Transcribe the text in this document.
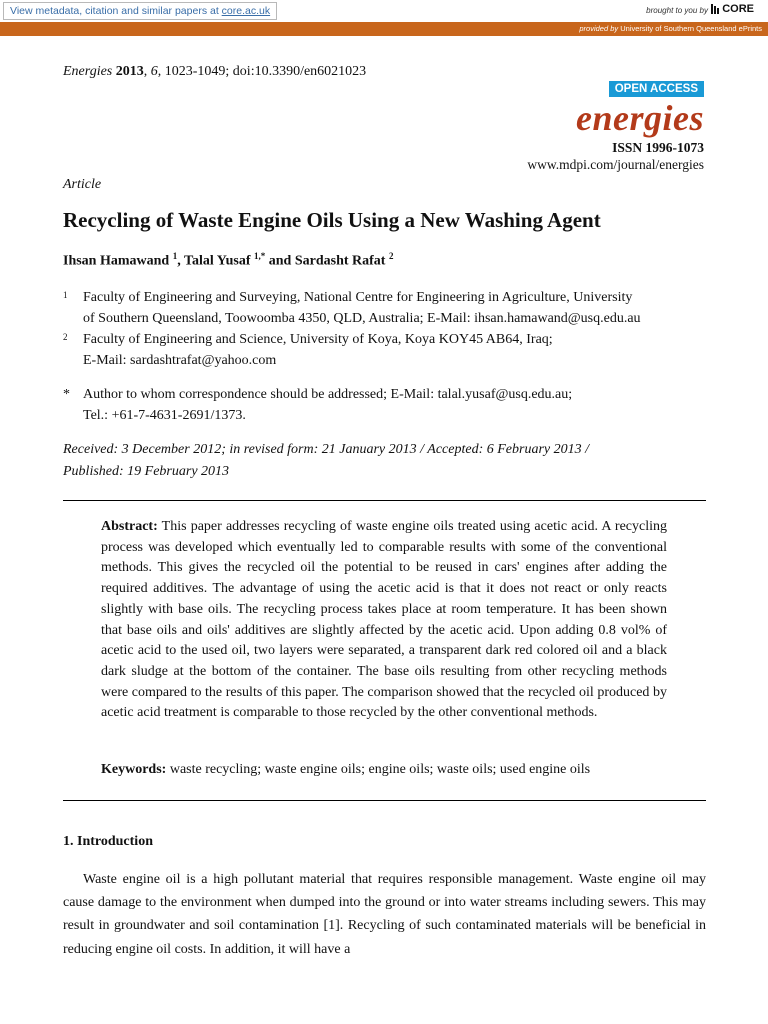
View metadata, citation and similar papers at core.ac.uk	brought to you by CORE
provided by University of Southern Queensland ePrints
Energies 2013, 6, 1023-1049; doi:10.3390/en6021023
OPEN ACCESS
energies
ISSN 1996-1073
www.mdpi.com/journal/energies
Article
Recycling of Waste Engine Oils Using a New Washing Agent
Ihsan Hamawand $^1$, Talal Yusaf $^{1,*}$ and Sardasht Rafat $^2$
1 Faculty of Engineering and Surveying, National Centre for Engineering in Agriculture, University
of Southern Queensland, Toowoomba 4350, QLD, Australia; E-Mail: ihsan.hamawand@usq.edu.au
2 Faculty of Engineering and Science, University of Koya, Koya KOY45 AB64, Iraq;
E-Mail: sardashtrafat@yahoo.com
* Author to whom correspondence should be addressed; E-Mail: talal.yusaf@usq.edu.au;
Tel.: +61-7-4631-2691/1373.
Received: 3 December 2012; in revised form: 21 January 2013 / Accepted: 6 February 2013 /
Published: 19 February 2013
Abstract: This paper addresses recycling of waste engine oils treated using acetic acid. A recycling process was developed which eventually led to comparable results with some of the conventional methods. This gives the recycled oil the potential to be reused in cars' engines after adding the required additives. The advantage of using the acetic acid is that it does not react or only reacts slightly with base oils. The recycling process takes place at room temperature. It has been shown that base oils and oils' additives are slightly affected by the acetic acid. Upon adding 0.8 vol% of acetic acid to the used oil, two layers were separated, a transparent dark red colored oil and a black dark sludge at the bottom of the container. The base oils resulting from other recycling methods were compared to the results of this paper. The comparison showed that the recycled oil produced by acetic acid treatment is comparable to those recycled by the other conventional methods.
Keywords: waste recycling; waste engine oils; engine oils; waste oils; used engine oils
1. Introduction
Waste engine oil is a high pollutant material that requires responsible management. Waste engine oil may cause damage to the environment when dumped into the ground or into water streams including sewers. This may result in groundwater and soil contamination [1]. Recycling of such contaminated materials will be beneficial in reducing engine oil costs. In addition, it will have a
